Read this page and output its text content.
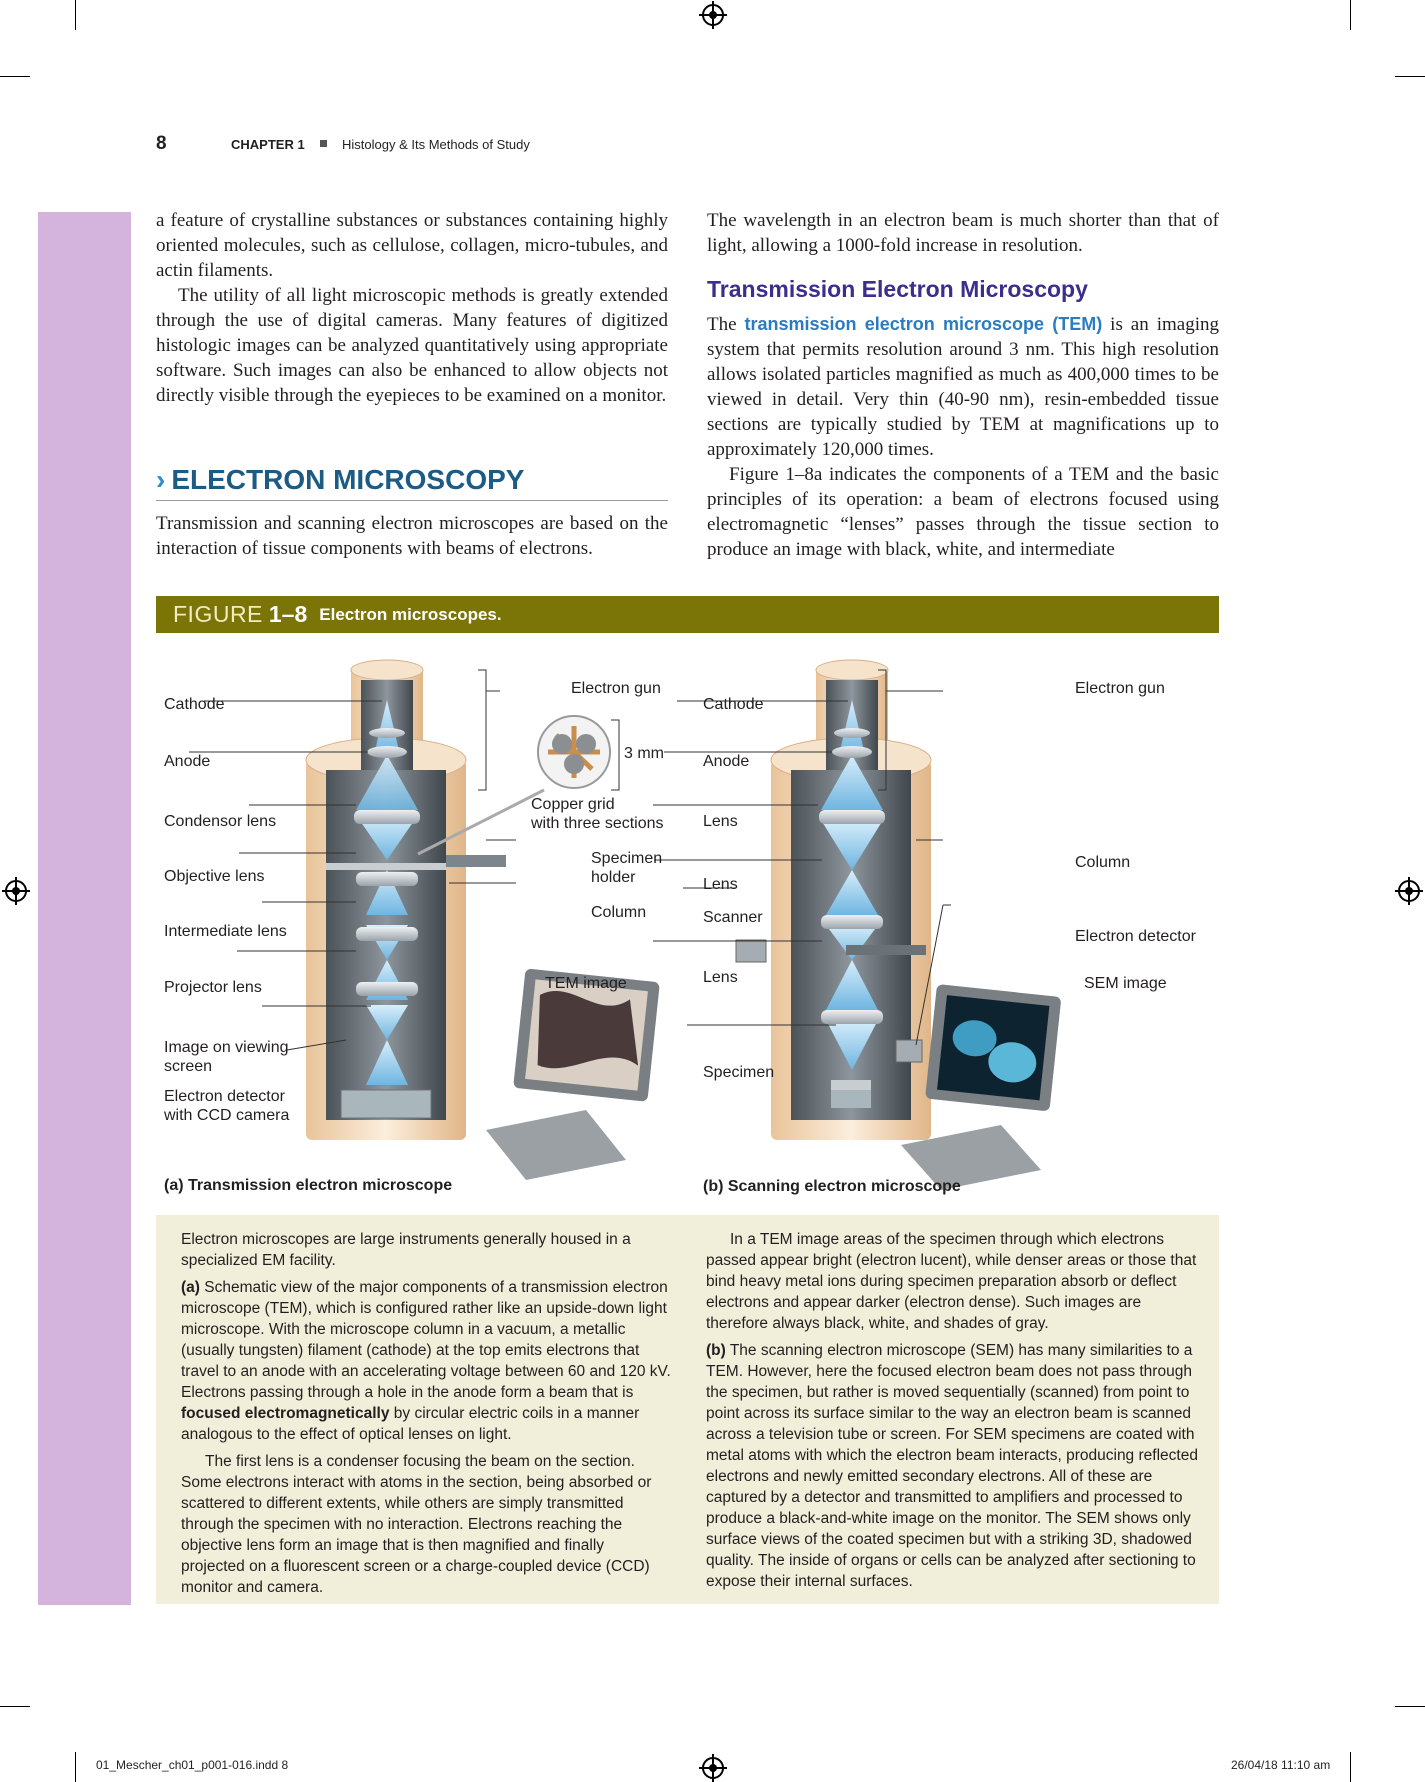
8	CHAPTER 1	Histology & Its Methods of Study

a feature of crystalline substances or substances containing highly oriented molecules, such as cellulose, collagen, micro-tubules, and actin filaments.

The utility of all light microscopic methods is greatly extended through the use of digital cameras. Many features of digitized histologic images can be analyzed quantitatively using appropriate software. Such images can also be enhanced to allow objects not directly visible through the eyepieces to be examined on a monitor.

› ELECTRON MICROSCOPY

Transmission and scanning electron microscopes are based on the interaction of tissue components with beams of electrons.

The wavelength in an electron beam is much shorter than that of light, allowing a 1000-fold increase in resolution.

Transmission Electron Microscopy

The transmission electron microscope (TEM) is an imaging system that permits resolution around 3 nm. This high resolution allows isolated particles magnified as much as 400,000 times to be viewed in detail. Very thin (40-90 nm), resin-embedded tissue sections are typically studied by TEM at magnifications up to approximately 120,000 times.

Figure 1–8a indicates the components of a TEM and the basic principles of its operation: a beam of electrons focused using electromagnetic “lenses” passes through the tissue section to produce an image with black, white, and intermediate

FIGURE 1–8 Electron microscopes.
Cathode
Anode
Condensor lens
Objective lens
Intermediate lens
Projector lens
Image on viewing
screen
Electron detector
with CCD camera
Electron gun
3 mm
Copper grid
with three sections
Specimen
holder
Column
TEM image
(a) Transmission electron microscope
Cathode
Anode
Lens
Lens
Scanner
Lens
Specimen
Electron gun
Column
Electron detector
SEM image
(b) Scanning electron microscope

Electron microscopes are large instruments generally housed in a specialized EM facility.

(a) Schematic view of the major components of a transmission electron microscope (TEM), which is configured rather like an upside-down light microscope. With the microscope column in a vacuum, a metallic (usually tungsten) filament (cathode) at the top emits electrons that travel to an anode with an accelerating voltage between 60 and 120 kV. Electrons passing through a hole in the anode form a beam that is focused electromagnetically by circular electric coils in a manner analogous to the effect of optical lenses on light.

The first lens is a condenser focusing the beam on the section. Some electrons interact with atoms in the section, being absorbed or scattered to different extents, while others are simply transmitted through the specimen with no interaction. Electrons reaching the objective lens form an image that is then magnified and finally projected on a fluorescent screen or a charge-coupled device (CCD) monitor and camera.

In a TEM image areas of the specimen through which electrons passed appear bright (electron lucent), while denser areas or those that bind heavy metal ions during specimen preparation absorb or deflect electrons and appear darker (electron dense). Such images are therefore always black, white, and shades of gray.

(b) The scanning electron microscope (SEM) has many similarities to a TEM. However, here the focused electron beam does not pass through the specimen, but rather is moved sequentially (scanned) from point to point across its surface similar to the way an electron beam is scanned across a television tube or screen. For SEM specimens are coated with metal atoms with which the electron beam interacts, producing reflected electrons and newly emitted secondary electrons. All of these are captured by a detector and transmitted to amplifiers and processed to produce a black-and-white image on the monitor. The SEM shows only surface views of the coated specimen but with a striking 3D, shadowed quality. The inside of organs or cells can be analyzed after sectioning to expose their internal surfaces.

01_Mescher_ch01_p001-016.indd 8	26/04/18 11:10 am
